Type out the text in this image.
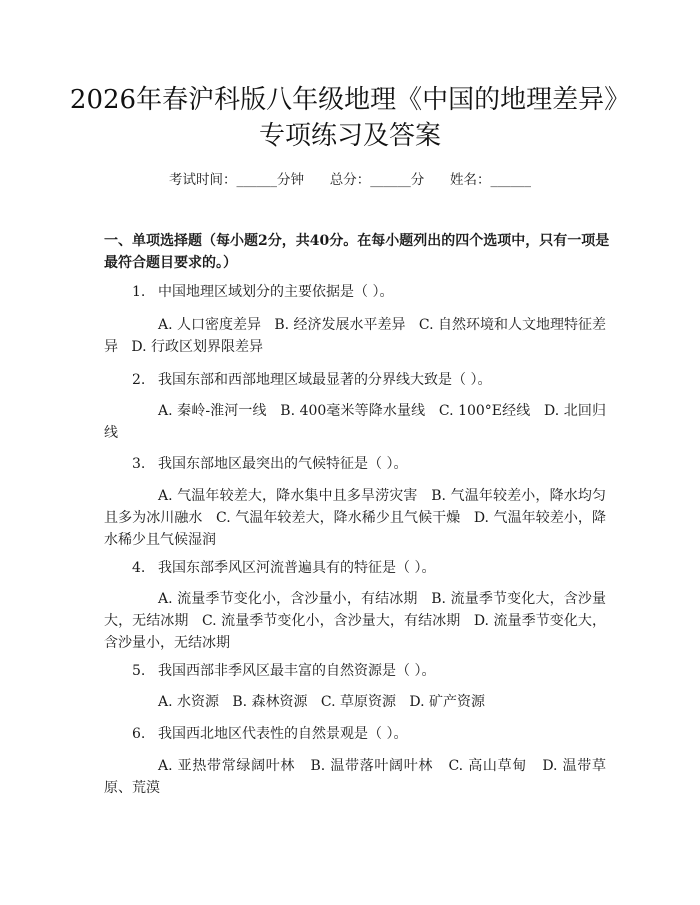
2026年春沪科版八年级地理《中国的地理差异》专项练习及答案
考试时间：______分钟      总分：______分      姓名：______
一、单项选择题（每小题2分，共40分。在每小题列出的四个选项中，只有一项是最符合题目要求的。）
1. 中国地理区域划分的主要依据是（ ）。
A. 人口密度差异   B. 经济发展水平差异   C. 自然环境和人文地理特征差异   D. 行政区划界限差异
2. 我国东部和西部地理区域最显著的分界线大致是（ ）。
A. 秦岭-淮河一线   B. 400毫米等降水量线   C. 100°E经线   D. 北回归线
3. 我国东部地区最突出的气候特征是（ ）。
A. 气温年较差大，降水集中且多旱涝灾害   B. 气温年较差小，降水均匀且多为冰川融水   C. 气温年较差大，降水稀少且气候干燥   D. 气温年较差小，降水稀少且气候湿润
4. 我国东部季风区河流普遍具有的特征是（ ）。
A. 流量季节变化小，含沙量小，有结冰期   B. 流量季节变化大，含沙量大，无结冰期   C. 流量季节变化小，含沙量大，有结冰期   D. 流量季节变化大，含沙量小，无结冰期
5. 我国西部非季风区最丰富的自然资源是（ ）。
A. 水资源   B. 森林资源   C. 草原资源   D. 矿产资源
6. 我国西北地区代表性的自然景观是（ ）。
A. 亚热带常绿阔叶林   B. 温带落叶阔叶林   C. 高山草甸   D. 温带草原、荒漠
